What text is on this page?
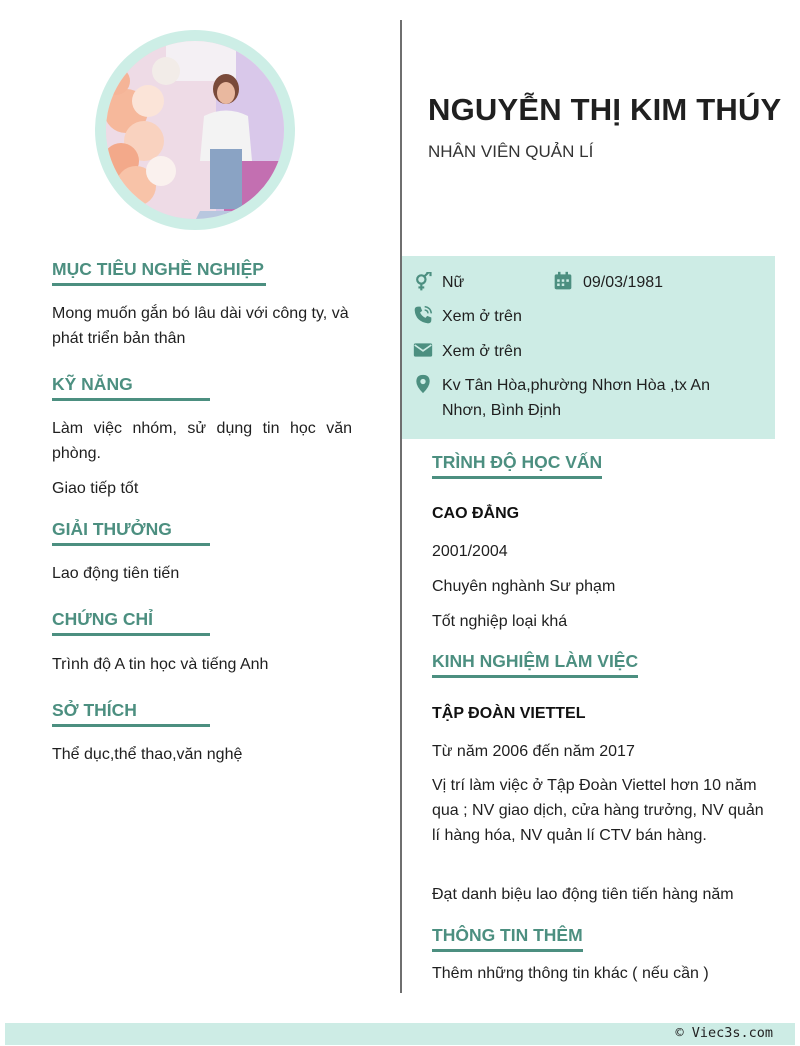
MỤC TIÊU NGHỀ NGHIỆP
Mong muốn gắn bó lâu dài với công ty, và phát triển bản thân
KỸ NĂNG
Làm việc nhóm, sử dụng tin học văn phòng.
Giao tiếp tốt
GIẢI THƯỞNG
Lao động tiên tiến
CHỨNG CHỈ
Trình độ A tin học và tiếng Anh
SỞ THÍCH
Thể dục,thể thao,văn nghệ
NGUYỄN THỊ KIM THÚY
NHÂN VIÊN QUẢN LÍ
Nữ	09/03/1981
Xem ở trên
Xem ở trên
Kv Tân Hòa,phường Nhơn Hòa ,tx An Nhơn, Bình Định
TRÌNH ĐỘ HỌC VẤN
CAO ĐẲNG
2001/2004
Chuyên nghành Sư phạm
Tốt nghiệp loại khá
KINH NGHIỆM LÀM VIỆC
TẬP ĐOÀN VIETTEL
Từ năm 2006 đến năm 2017
Vị trí làm việc ở Tập Đoàn Viettel hơn 10 năm qua ; NV giao dịch, cửa hàng trưởng, NV quản lí hàng hóa, NV quản lí CTV bán hàng.
Đạt danh biệu lao động tiên tiến hàng năm
THÔNG TIN THÊM
Thêm những thông tin khác ( nếu cần )
© Viec3s.com
